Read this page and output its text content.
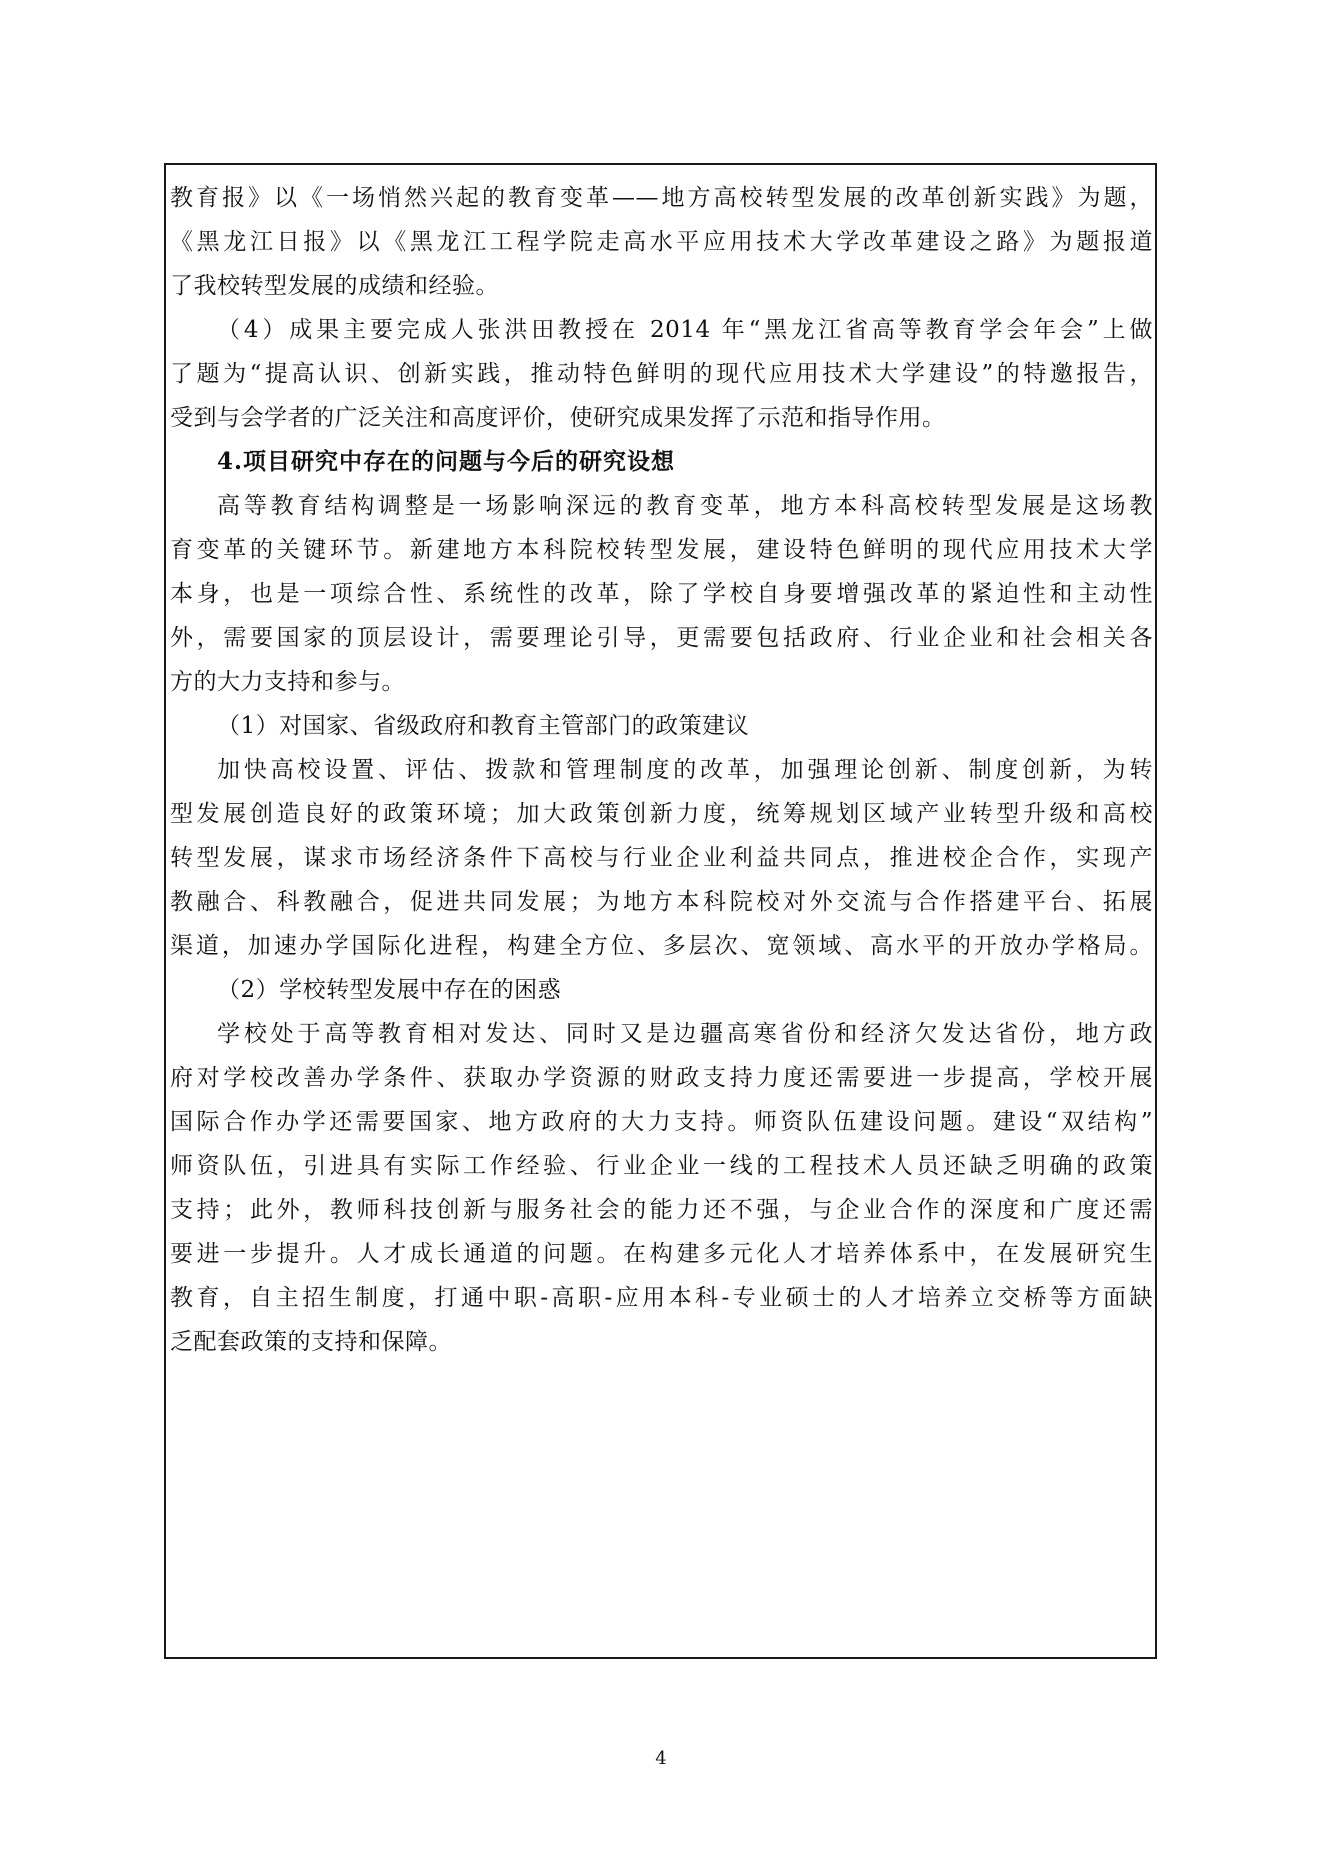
教育报》以《一场悄然兴起的教育变革——地方高校转型发展的改革创新实践》为题，
《黑龙江日报》以《黑龙江工程学院走高水平应用技术大学改革建设之路》为题报道
了我校转型发展的成绩和经验。
（4）成果主要完成人张洪田教授在 2014 年“黑龙江省高等教育学会年会”上做
了题为“提高认识、创新实践，推动特色鲜明的现代应用技术大学建设”的特邀报告，
受到与会学者的广泛关注和高度评价，使研究成果发挥了示范和指导作用。
4.项目研究中存在的问题与今后的研究设想
高等教育结构调整是一场影响深远的教育变革，地方本科高校转型发展是这场教
育变革的关键环节。新建地方本科院校转型发展，建设特色鲜明的现代应用技术大学
本身，也是一项综合性、系统性的改革，除了学校自身要增强改革的紧迫性和主动性
外，需要国家的顶层设计，需要理论引导，更需要包括政府、行业企业和社会相关各
方的大力支持和参与。
（1）对国家、省级政府和教育主管部门的政策建议
加快高校设置、评估、拨款和管理制度的改革，加强理论创新、制度创新，为转
型发展创造良好的政策环境；加大政策创新力度，统筹规划区域产业转型升级和高校
转型发展，谋求市场经济条件下高校与行业企业利益共同点，推进校企合作，实现产
教融合、科教融合，促进共同发展；为地方本科院校对外交流与合作搭建平台、拓展
渠道，加速办学国际化进程，构建全方位、多层次、宽领域、高水平的开放办学格局。
（2）学校转型发展中存在的困惑
学校处于高等教育相对发达、同时又是边疆高寒省份和经济欠发达省份，地方政
府对学校改善办学条件、获取办学资源的财政支持力度还需要进一步提高，学校开展
国际合作办学还需要国家、地方政府的大力支持。师资队伍建设问题。建设“双结构”
师资队伍，引进具有实际工作经验、行业企业一线的工程技术人员还缺乏明确的政策
支持；此外，教师科技创新与服务社会的能力还不强，与企业合作的深度和广度还需
要进一步提升。人才成长通道的问题。在构建多元化人才培养体系中，在发展研究生
教育，自主招生制度，打通中职-高职-应用本科-专业硕士的人才培养立交桥等方面缺
乏配套政策的支持和保障。
4
